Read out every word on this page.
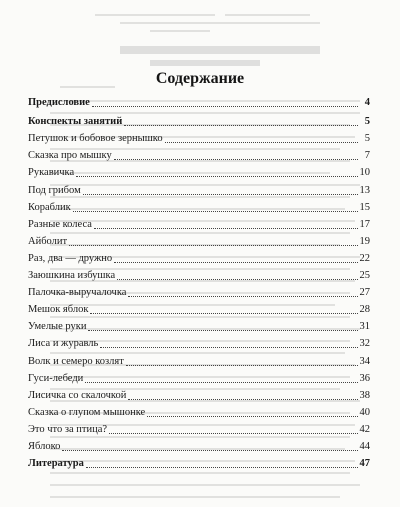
Содержание
Предисловие	4
Конспекты занятий	5
Петушок и бобовое зернышко	5
Сказка про мышку	7
Рукавичка	10
Под грибом	13
Кораблик	15
Разные колеса	17
Айболит	19
Раз, два — дружно	22
Заюшкина избушка	25
Палочка-выручалочка	27
Мешок яблок	28
Умелые руки	31
Лиса и журавль	32
Волк и семеро козлят	34
Гуси-лебеди	36
Лисичка со скалочкой	38
Сказка о глупом мышонке	40
Это что за птица?	42
Яблоко	44
Литература	47
